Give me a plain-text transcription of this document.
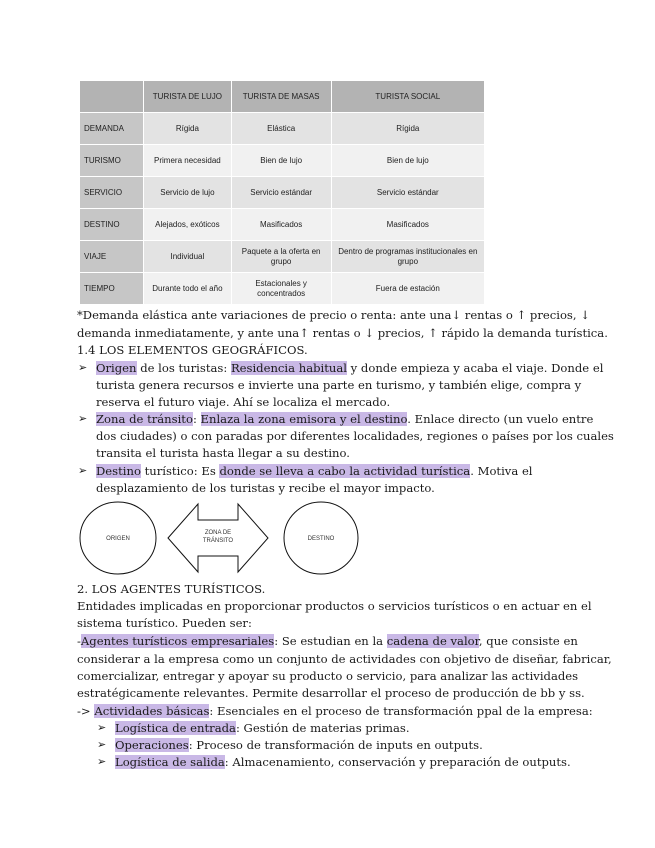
	TURISTA DE LUJO	TURISTA DE MASAS	TURISTA SOCIAL
DEMANDA	Rígida	Elástica	Rígida
TURISMO	Primera necesidad	Bien de lujo	Bien de lujo
SERVICIO	Servicio de lujo	Servicio estándar	Servicio estándar
DESTINO	Alejados, exóticos	Masificados	Masificados
VIAJE	Individual	Paquete a la oferta en grupo	Dentro de programas institucionales en grupo
TIEMPO	Durante todo el año	Estacionales y concentrados	Fuera de estación
*Demanda elástica ante variaciones de precio o renta: ante una↓ rentas o ↑ precios, ↓
demanda inmediatamente, y ante una↑ rentas o ↓ precios, ↑ rápido la demanda turística.
1.4 LOS ELEMENTOS GEOGRÁFICOS.
➢ Origen de los turistas: Residencia habitual y donde empieza y acaba el viaje. Donde el
turista genera recursos e invierte una parte en turismo, y también elige, compra y
reserva el futuro viaje. Ahí se localiza el mercado.
➢ Zona de tránsito: Enlaza la zona emisora y el destino. Enlace directo (un vuelo entre
dos ciudades) o con paradas por diferentes localidades, regiones o países por los cuales
transita el turista hasta llegar a su destino.
➢ Destino turístico: Es donde se lleva a cabo la actividad turística. Motiva el
desplazamiento de los turistas y recibe el mayor impacto.
ORIGEN
ZONA DE
TRÁNSITO	DESTINO
2. LOS AGENTES TURÍSTICOS.
Entidades implicadas en proporcionar productos o servicios turísticos o en actuar en el
sistema turístico. Pueden ser:
-Agentes turísticos empresariales: Se estudian en la cadena de valor, que consiste en
considerar a la empresa como un conjunto de actividades con objetivo de diseñar, fabricar,
comercializar, entregar y apoyar su producto o servicio, para analizar las actividades
estratégicamente relevantes. Permite desarrollar el proceso de producción de bb y ss.
-> Actividades básicas: Esenciales en el proceso de transformación ppal de la empresa:
➢ Logística de entrada: Gestión de materias primas.
➢ Operaciones: Proceso de transformación de inputs en outputs.
➢ Logística de salida: Almacenamiento, conservación y preparación de outputs.
